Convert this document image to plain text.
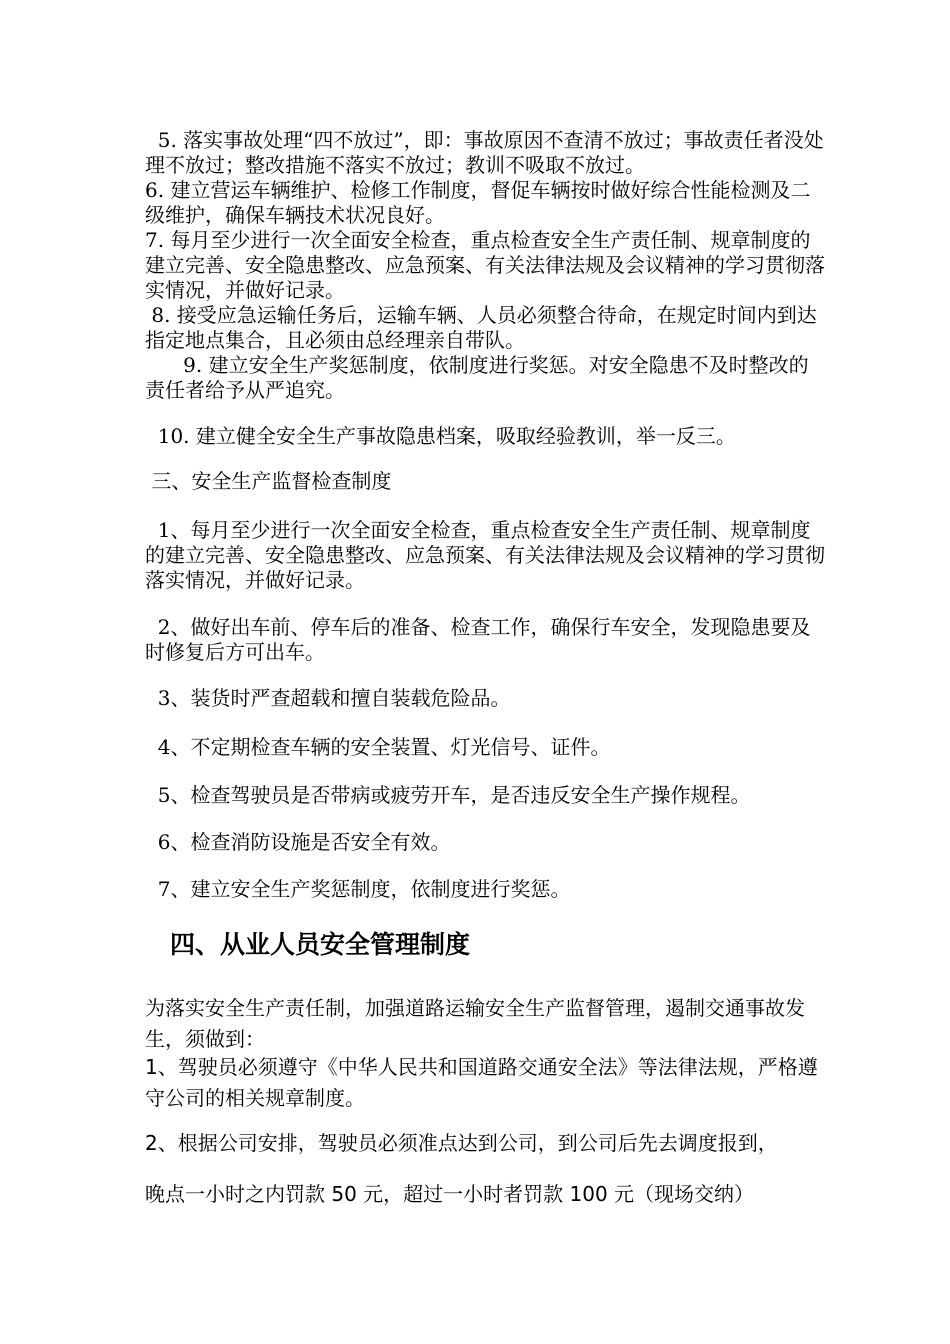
5. 落实事故处理“四不放过”，即：事故原因不查清不放过；事故责任者没处理不放过；整改措施不落实不放过；教训不吸取不放过。

6. 建立营运车辆维护、检修工作制度，督促车辆按时做好综合性能检测及二级维护，确保车辆技术状况良好。

7. 每月至少进行一次全面安全检查，重点检查安全生产责任制、规章制度的建立完善、安全隐患整改、应急预案、有关法律法规及会议精神的学习贯彻落实情况，并做好记录。

8. 接受应急运输任务后，运输车辆、人员必须整合待命，在规定时间内到达指定地点集合，且必须由总经理亲自带队。

9. 建立安全生产奖惩制度，依制度进行奖惩。对安全隐患不及时整改的责任者给予从严追究。

10. 建立健全安全生产事故隐患档案，吸取经验教训，举一反三。

三、安全生产监督检查制度

1、每月至少进行一次全面安全检查，重点检查安全生产责任制、规章制度的建立完善、安全隐患整改、应急预案、有关法律法规及会议精神的学习贯彻落实情况，并做好记录。

2、做好出车前、停车后的准备、检查工作，确保行车安全，发现隐患要及时修复后方可出车。

3、装货时严查超载和擅自装载危险品。

4、不定期检查车辆的安全装置、灯光信号、证件。

5、检查驾驶员是否带病或疲劳开车，是否违反安全生产操作规程。

6、检查消防设施是否安全有效。

7、建立安全生产奖惩制度，依制度进行奖惩。

四、从业人员安全管理制度

为落实安全生产责任制，加强道路运输安全生产监督管理，遏制交通事故发生，须做到：

1、驾驶员必须遵守《中华人民共和国道路交通安全法》等法律法规，严格遵守公司的相关规章制度。

2、根据公司安排，驾驶员必须准点达到公司，到公司后先去调度报到，

晚点一小时之内罚款 50 元，超过一小时者罚款 100 元（现场交纳）
